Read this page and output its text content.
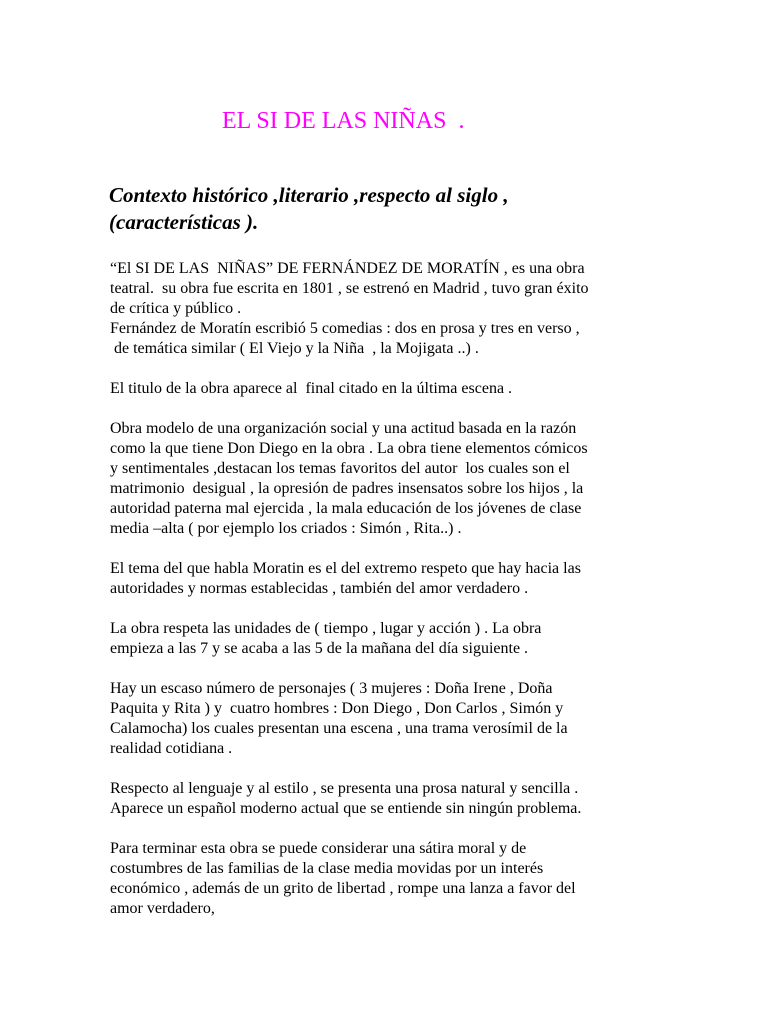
EL SI DE LAS NIÑAS  .
Contexto histórico ,literario ,respecto al siglo , (características ).
“El SI DE LAS  NIÑAS” DE FERNÁNDEZ DE MORATÍN , es una obra
teatral.  su obra fue escrita en 1801 , se estrenó en Madrid , tuvo gran éxito
de crítica y público .
Fernández de Moratín escribió 5 comedias : dos en prosa y tres en verso ,
de temática similar ( El Viejo y la Niña  , la Mojigata ..) .
El titulo de la obra aparece al  final citado en la última escena .
Obra modelo de una organización social y una actitud basada en la razón
como la que tiene Don Diego en la obra . La obra tiene elementos cómicos
y sentimentales ,destacan los temas favoritos del autor  los cuales son el
matrimonio  desigual , la opresión de padres insensatos sobre los hijos , la
autoridad paterna mal ejercida , la mala educación de los jóvenes de clase
media –alta ( por ejemplo los criados : Simón , Rita..) .
El tema del que habla Moratin es el del extremo respeto que hay hacia las
autoridades y normas establecidas , también del amor verdadero .
La obra respeta las unidades de ( tiempo , lugar y acción ) . La obra
empieza a las 7 y se acaba a las 5 de la mañana del día siguiente .
Hay un escaso número de personajes ( 3 mujeres : Doña Irene , Doña
Paquita y Rita ) y  cuatro hombres : Don Diego , Don Carlos , Simón y
Calamocha) los cuales presentan una escena , una trama verosímil de la
realidad cotidiana .
Respecto al lenguaje y al estilo , se presenta una prosa natural y sencilla .
Aparece un español moderno actual que se entiende sin ningún problema.
Para terminar esta obra se puede considerar una sátira moral y de
costumbres de las familias de la clase media movidas por un interés
económico , además de un grito de libertad , rompe una lanza a favor del
amor verdadero,
